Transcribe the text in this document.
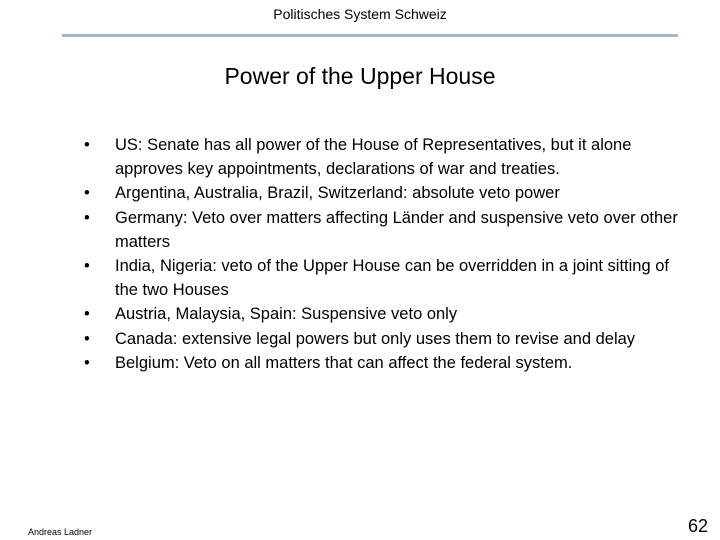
Politisches System Schweiz
Power of the Upper House
• US: Senate has all power of the House of Representatives, but it alone approves key appointments, declarations of war and treaties.
• Argentina, Australia, Brazil, Switzerland: absolute veto power
• Germany: Veto over matters affecting Länder and suspensive veto over other matters
• India, Nigeria: veto of the Upper House can be overridden in a joint sitting of the two Houses
• Austria, Malaysia, Spain: Suspensive veto only
• Canada: extensive legal powers but only uses them to revise and delay
• Belgium: Veto on all matters that can affect the federal system.
Andreas Ladner	62
